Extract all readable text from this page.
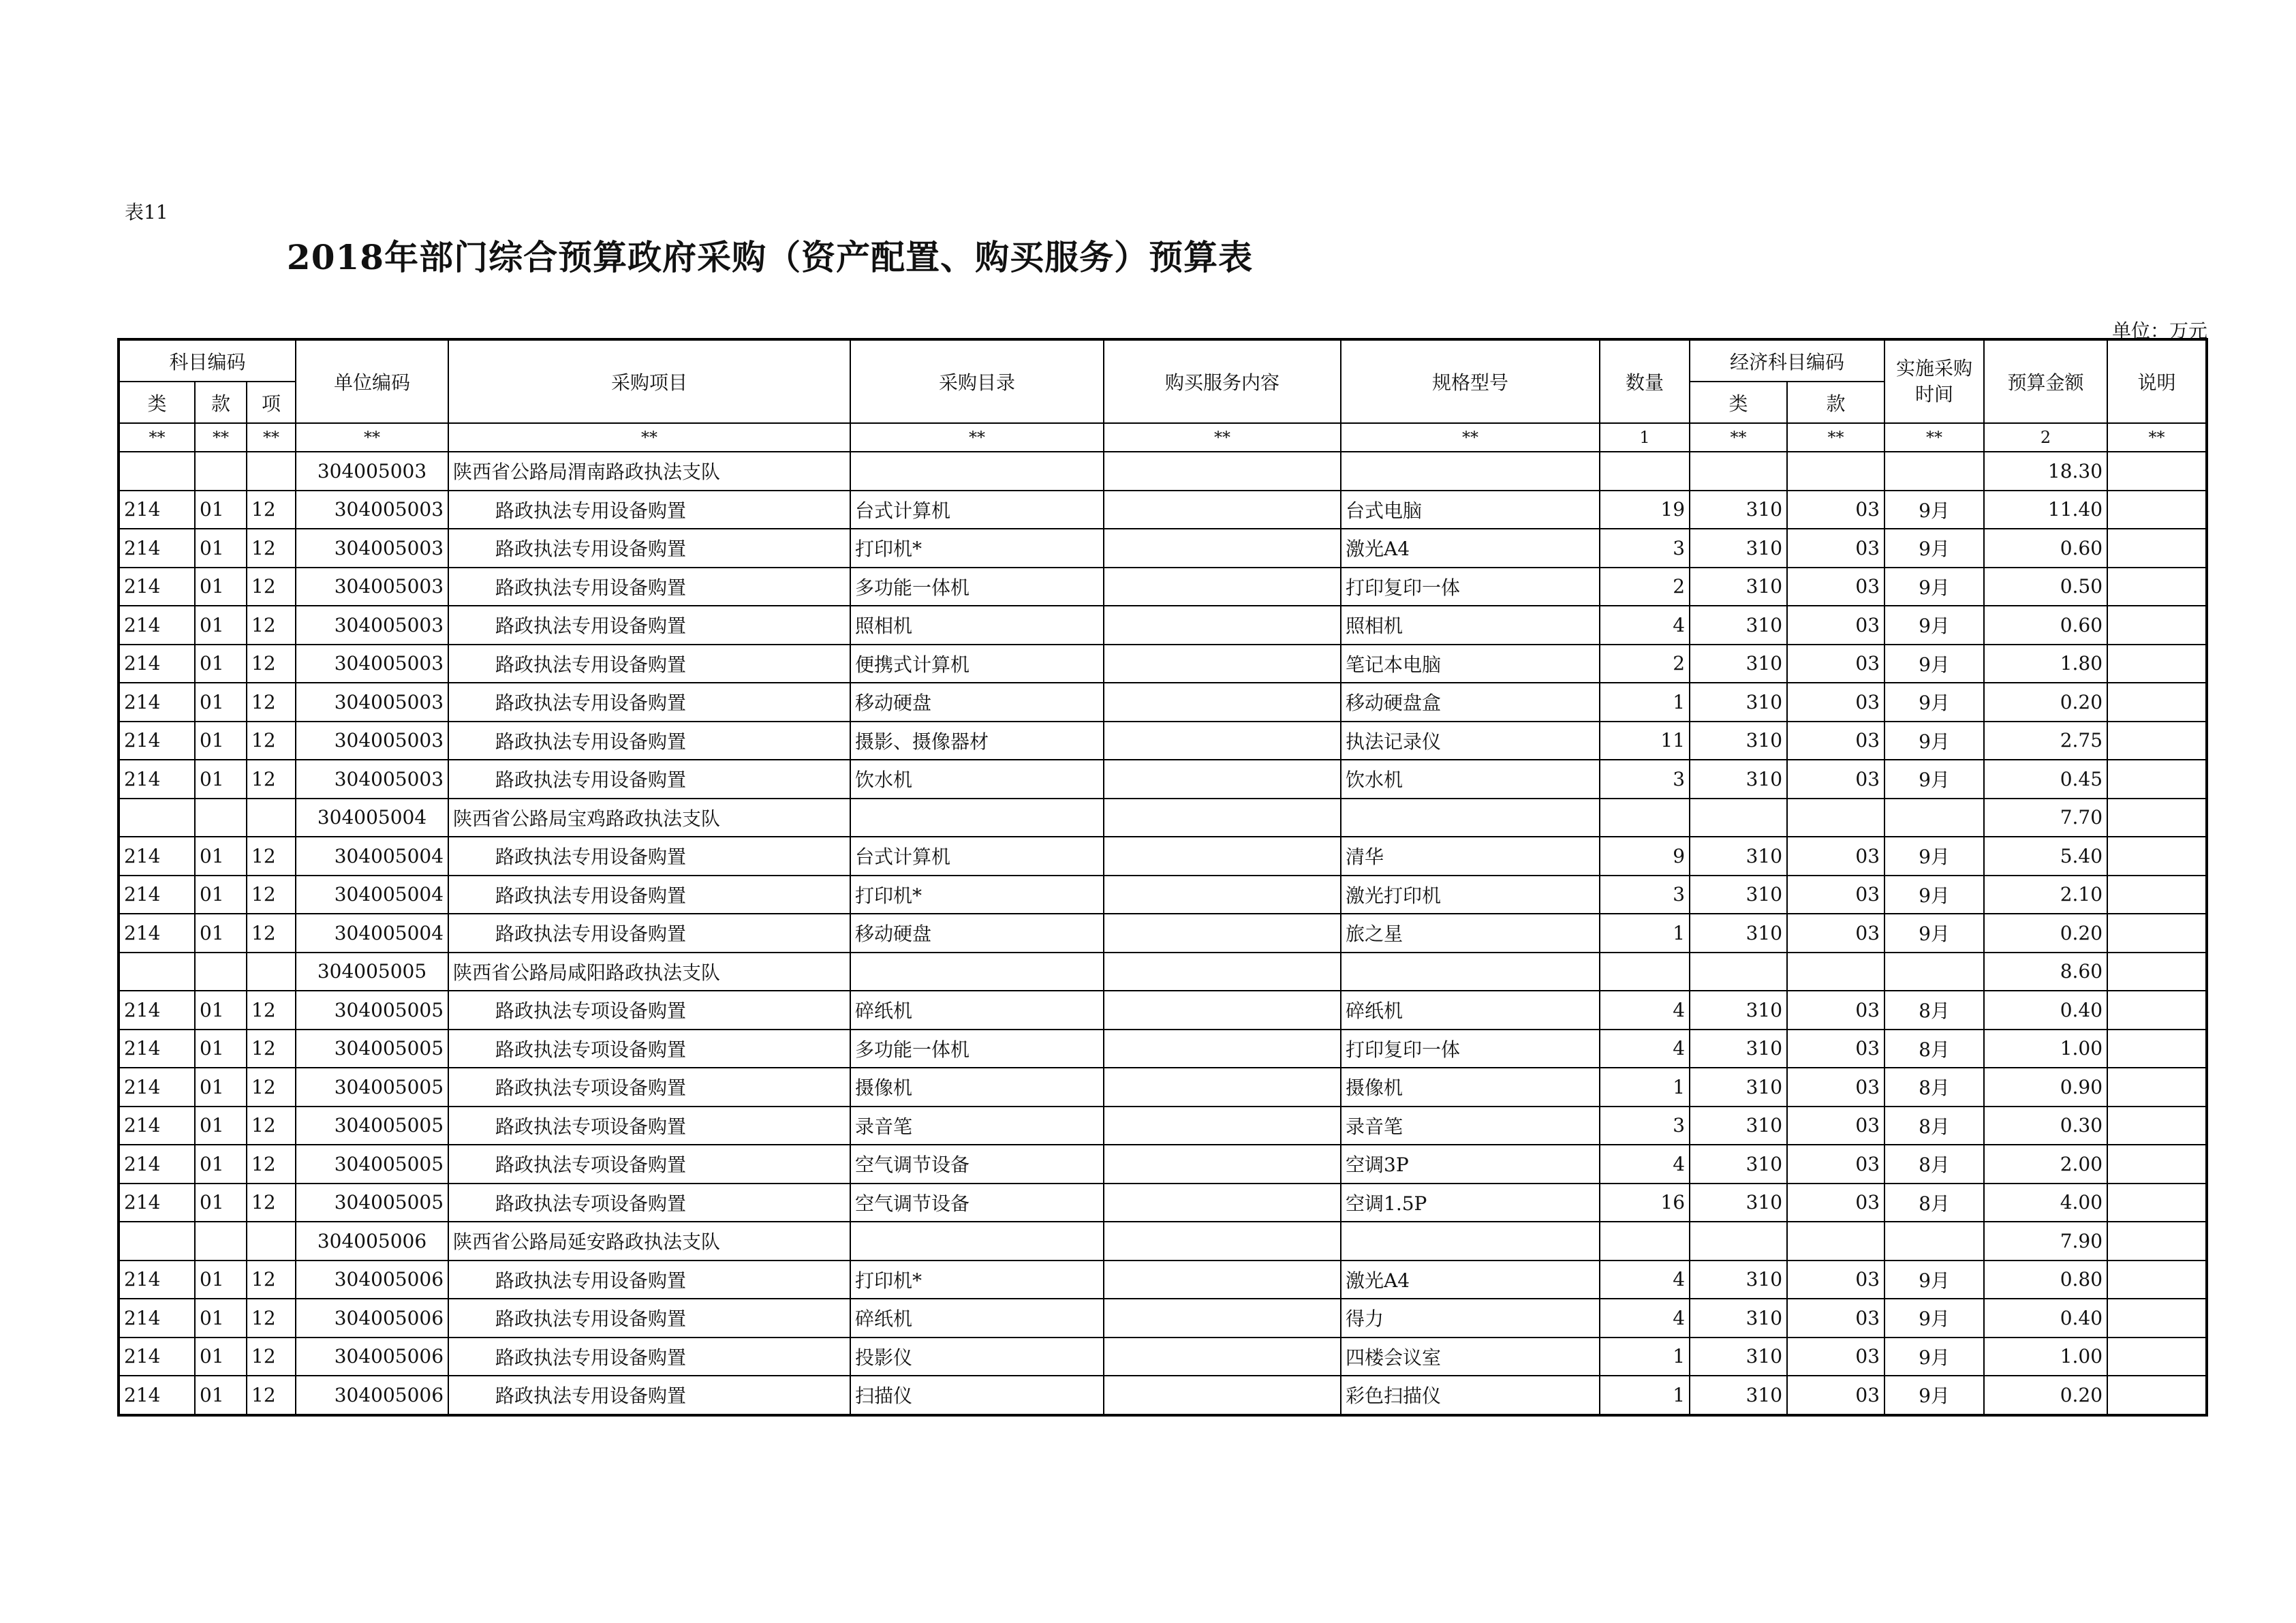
表11
2018年部门综合预算政府采购（资产配置、购买服务）预算表
单位：万元
科目编码			单位编码	采购项目	采购目录	购买服务内容	规格型号	数量	经济科目编码		实施采购时间	预算金额	说明
类	款	项							类	款			
**	**	**	**	**	**	**	**	1	**	**	**	2	**
			304005003	陕西省公路局渭南路政执法支队								18.30	
214	01	12	304005003	路政执法专用设备购置	台式计算机		台式电脑	19	310	03	9月	11.40	
214	01	12	304005003	路政执法专用设备购置	打印机*		激光A4	3	310	03	9月	0.60	
214	01	12	304005003	路政执法专用设备购置	多功能一体机		打印复印一体	2	310	03	9月	0.50	
214	01	12	304005003	路政执法专用设备购置	照相机		照相机	4	310	03	9月	0.60	
214	01	12	304005003	路政执法专用设备购置	便携式计算机		笔记本电脑	2	310	03	9月	1.80	
214	01	12	304005003	路政执法专用设备购置	移动硬盘		移动硬盘盒	1	310	03	9月	0.20	
214	01	12	304005003	路政执法专用设备购置	摄影、摄像器材		执法记录仪	11	310	03	9月	2.75	
214	01	12	304005003	路政执法专用设备购置	饮水机		饮水机	3	310	03	9月	0.45	
			304005004	陕西省公路局宝鸡路政执法支队								7.70	
214	01	12	304005004	路政执法专用设备购置	台式计算机		清华	9	310	03	9月	5.40	
214	01	12	304005004	路政执法专用设备购置	打印机*		激光打印机	3	310	03	9月	2.10	
214	01	12	304005004	路政执法专用设备购置	移动硬盘		旅之星	1	310	03	9月	0.20	
			304005005	陕西省公路局咸阳路政执法支队								8.60	
214	01	12	304005005	路政执法专项设备购置	碎纸机		碎纸机	4	310	03	8月	0.40	
214	01	12	304005005	路政执法专项设备购置	多功能一体机		打印复印一体	4	310	03	8月	1.00	
214	01	12	304005005	路政执法专项设备购置	摄像机		摄像机	1	310	03	8月	0.90	
214	01	12	304005005	路政执法专项设备购置	录音笔		录音笔	3	310	03	8月	0.30	
214	01	12	304005005	路政执法专项设备购置	空气调节设备		空调3P	4	310	03	8月	2.00	
214	01	12	304005005	路政执法专项设备购置	空气调节设备		空调1.5P	16	310	03	8月	4.00	
			304005006	陕西省公路局延安路政执法支队								7.90	
214	01	12	304005006	路政执法专用设备购置	打印机*		激光A4	4	310	03	9月	0.80	
214	01	12	304005006	路政执法专用设备购置	碎纸机		得力	4	310	03	9月	0.40	
214	01	12	304005006	路政执法专用设备购置	投影仪		四楼会议室	1	310	03	9月	1.00	
214	01	12	304005006	路政执法专用设备购置	扫描仪		彩色扫描仪	1	310	03	9月	0.20	
